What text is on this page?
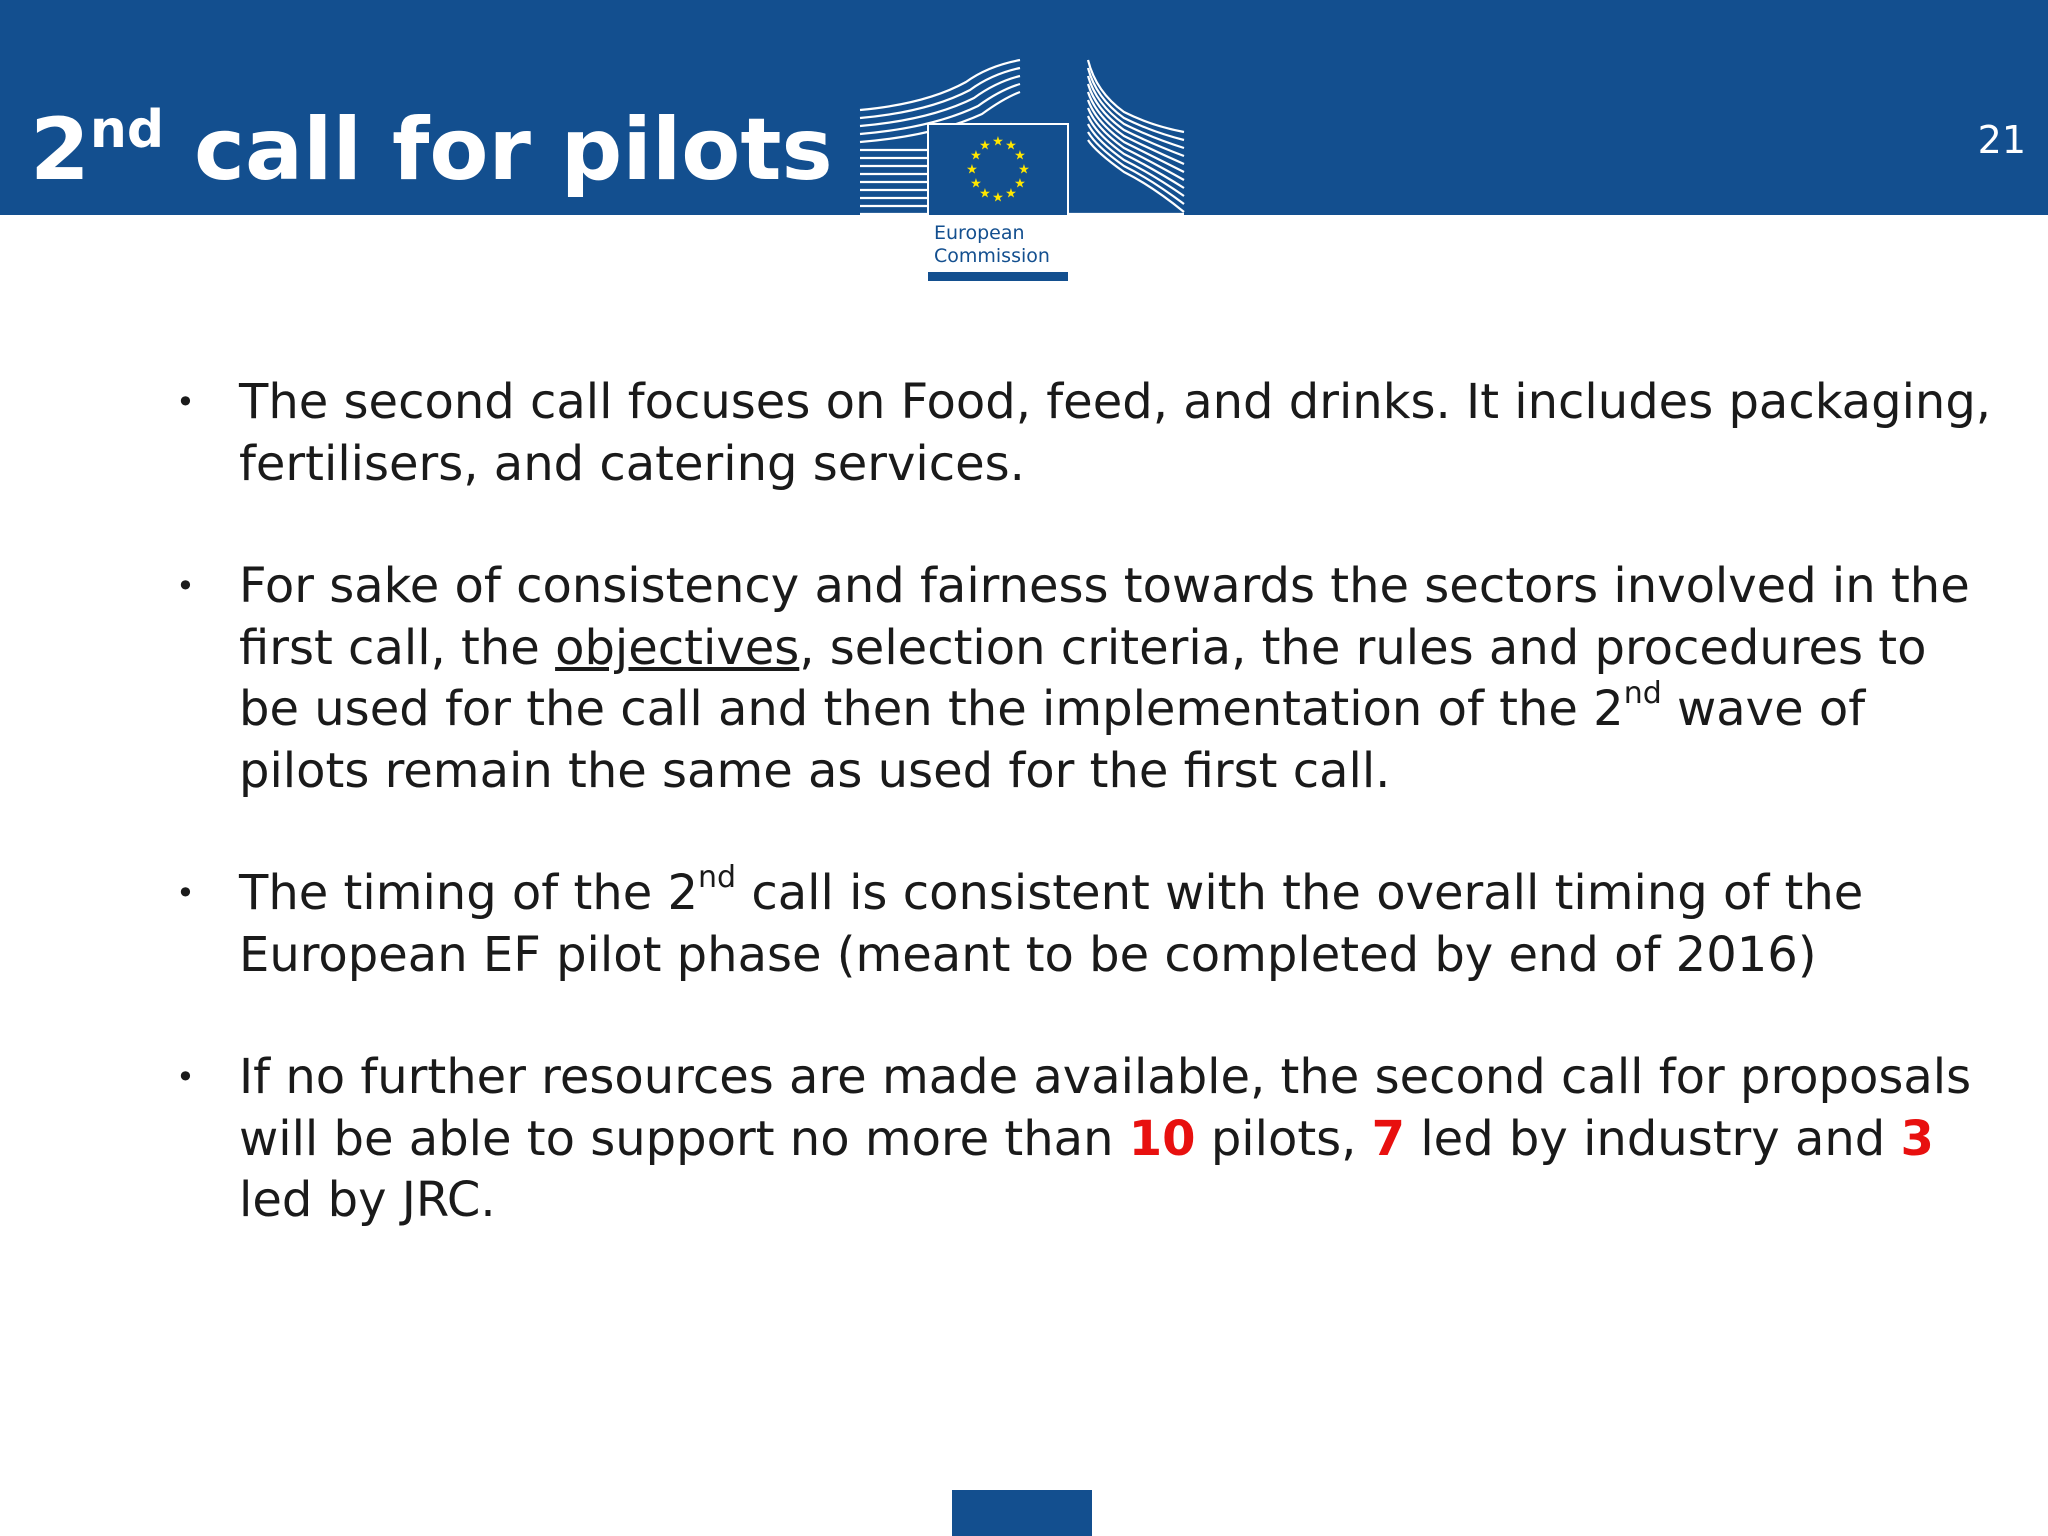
2nd call for pilots	21
★ ★
★
★
★
★
★
★
★
★
★
★
European
Commission
• The second call focuses on Food, feed, and drinks. It includes packaging, fertilisers, and catering services.
• For sake of consistency and fairness towards the sectors involved in the first call, the objectives, selection criteria, the rules and procedures to be used for the call and then the implementation of the 2nd wave of pilots remain the same as used for the first call.
• The timing of the 2nd call is consistent with the overall timing of the European EF pilot phase (meant to be completed by end of 2016)
• If no further resources are made available, the second call for proposals will be able to support no more than 10 pilots, 7 led by industry and 3 led by JRC.
